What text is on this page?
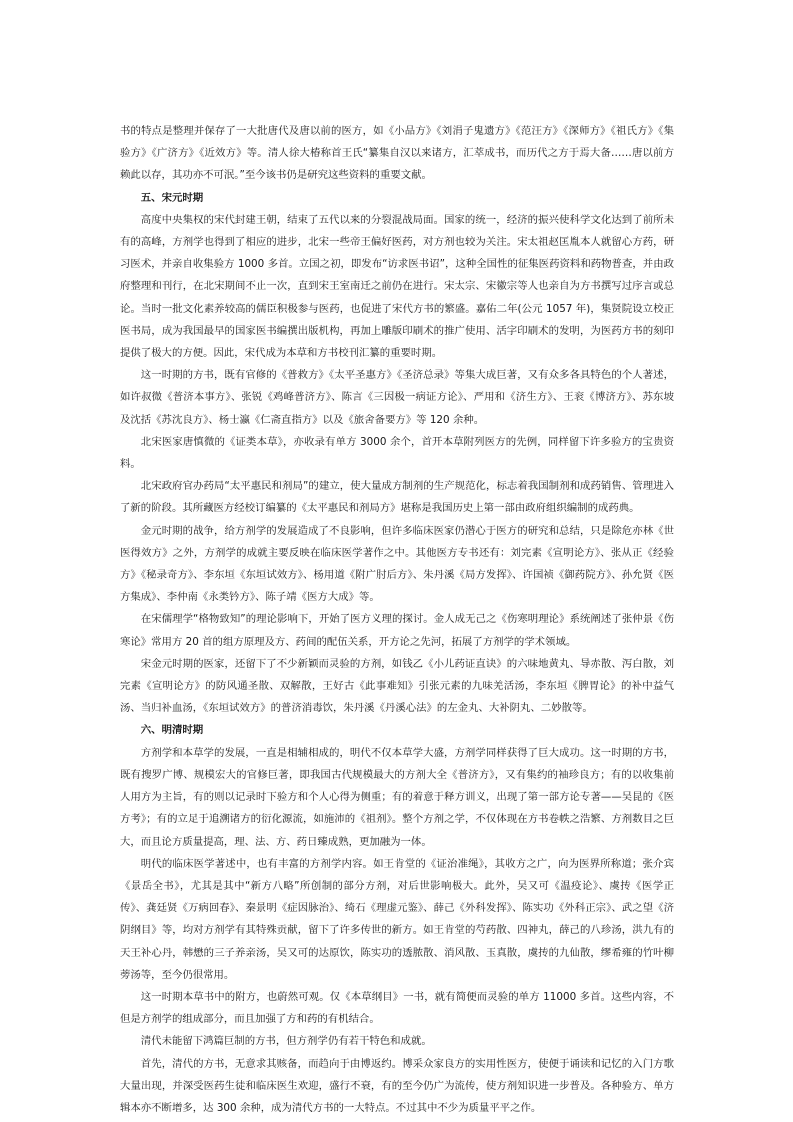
书的特点是整理并保存了一大批唐代及唐以前的医方，如《小品方》《刘涓子鬼遗方》《范汪方》《深师方》《祖氏方》《集验方》《广济方》《近效方》等。清人徐大椿称首王氏“纂集自汉以来诸方，汇萃成书，而历代之方于焉大备……唐以前方赖此以存，其功亦不可泯。”至今该书仍是研究这些资料的重要文献。

五、宋元时期

高度中央集权的宋代封建王朝，结束了五代以来的分裂混战局面。国家的统一，经济的振兴使科学文化达到了前所未有的高峰，方剂学也得到了相应的进步，北宋一些帝王偏好医药，对方剂也较为关注。宋太祖赵匡胤本人就留心方药，研习医术，并亲自收集验方 1000 多首。立国之初，即发布“访求医书诏”，这种全国性的征集医药资料和药物普查，并由政府整理和刊行，在北宋期间不止一次，直到宋王室南迁之前仍在进行。宋太宗、宋徽宗等人也亲自为方书撰写过序言或总论。当时一批文化素养较高的儒臣积极参与医药，也促进了宋代方书的繁盛。嘉佑二年(公元 1057 年)，集贤院设立校正医书局，成为我国最早的国家医书编撰出版机构，再加上雕版印刷术的推广使用、活字印刷术的发明，为医药方书的刻印提供了极大的方便。因此，宋代成为本草和方书校刊汇纂的重要时期。

这一时期的方书，既有官修的《普救方》《太平圣惠方》《圣济总录》等集大成巨著，又有众多各具特色的个人著述，如许叔微《普济本事方》、张锐《鸡峰普济方》、陈言《三因极一病证方论》、严用和《济生方》、王衮《博济方》、苏东坡及沈括《苏沈良方》、杨士瀛《仁斋直指方》以及《旅舍备要方》等 120 余种。

北宋医家唐慎微的《证类本草》，亦收录有单方 3000 余个，首开本草附列医方的先例，同样留下许多验方的宝贵资料。

北宋政府官办药局“太平惠民和剂局”的建立，使大量成方制剂的生产规范化，标志着我国制剂和成药销售、管理进入了新的阶段。其所藏医方经校订编纂的《太平惠民和剂局方》堪称是我国历史上第一部由政府组织编制的成药典。

金元时期的战争，给方剂学的发展造成了不良影响，但许多临床医家仍潜心于医方的研究和总结，只是除危亦林《世医得效方》之外，方剂学的成就主要反映在临床医学著作之中。其他医方专书还有：刘完素《宣明论方》、张从正《经验方》《秘录奇方》、李东垣《东垣试效方》、杨用道《附广肘后方》、朱丹溪《局方发挥》、许国祯《御药院方》、孙允贤《医方集成》、李仲南《永类钤方》、陈子靖《医方大成》等。

在宋儒理学“格物致知”的理论影响下，开始了医方义理的探讨。金人成无己之《伤寒明理论》系统阐述了张仲景《伤寒论》常用方 20 首的组方原理及方、药间的配伍关系，开方论之先河，拓展了方剂学的学术领域。

宋金元时期的医家，还留下了不少新颖而灵验的方剂，如钱乙《小儿药证直诀》的六味地黄丸、导赤散、泻白散，刘完素《宣明论方》的防风通圣散、双解散，王好古《此事难知》引张元素的九味羌活汤，李东垣《脾胃论》的补中益气汤、当归补血汤，《东垣试效方》的普济消毒饮，朱丹溪《丹溪心法》的左金丸、大补阴丸、二妙散等。

六、明清时期

方剂学和本草学的发展，一直是相辅相成的，明代不仅本草学大盛，方剂学同样获得了巨大成功。这一时期的方书，既有搜罗广博、规模宏大的官修巨著，即我国古代规模最大的方剂大全《普济方》，又有集约的袖珍良方；有的以收集前人用方为主旨，有的则以记录时下验方和个人心得为侧重；有的着意于释方训义，出现了第一部方论专著——吴昆的《医方考》；有的立足于追溯诸方的衍化源流，如施沛的《祖剂》。整个方剂之学，不仅体现在方书卷帙之浩繁、方剂数目之巨大，而且论方质量提高，理、法、方、药日臻成熟，更加融为一体。

明代的临床医学著述中，也有丰富的方剂学内容。如王肯堂的《证治准绳》，其收方之广，向为医界所称道；张介宾《景岳全书》，尤其是其中“新方八略”所创制的部分方剂，对后世影响极大。此外，吴又可《温疫论》、虞抟《医学正传》、龚廷贤《万病回春》、秦景明《症因脉治》、绮石《理虚元鉴》、薛己《外科发挥》、陈实功《外科正宗》、武之望《济阴纲目》等，均对方剂学有其特殊贡献，留下了许多传世的新方。如王肯堂的芍药散、四神丸，薛己的八珍汤，洪九有的天王补心丹，韩懋的三子养亲汤，吴又可的达原饮，陈实功的透脓散、消风散、玉真散，虞抟的九仙散，缪希雍的竹叶柳蒡汤等，至今仍很常用。

这一时期本草书中的附方，也蔚然可观。仅《本草纲目》一书，就有简便而灵验的单方 11000 多首。这些内容，不但是方剂学的组成部分，而且加强了方和药的有机结合。

清代未能留下鸿篇巨制的方书，但方剂学仍有若干特色和成就。

首先，清代的方书，无意求其赅备，而趋向于由博返约。博采众家良方的实用性医方，使便于诵读和记忆的入门方歌大量出现，并深受医药生徒和临床医生欢迎，盛行不衰，有的至今仍广为流传，使方剂知识进一步普及。各种验方、单方辑本亦不断增多，达 300 余种，成为清代方书的一大特点。不过其中不少为质量平平之作。
